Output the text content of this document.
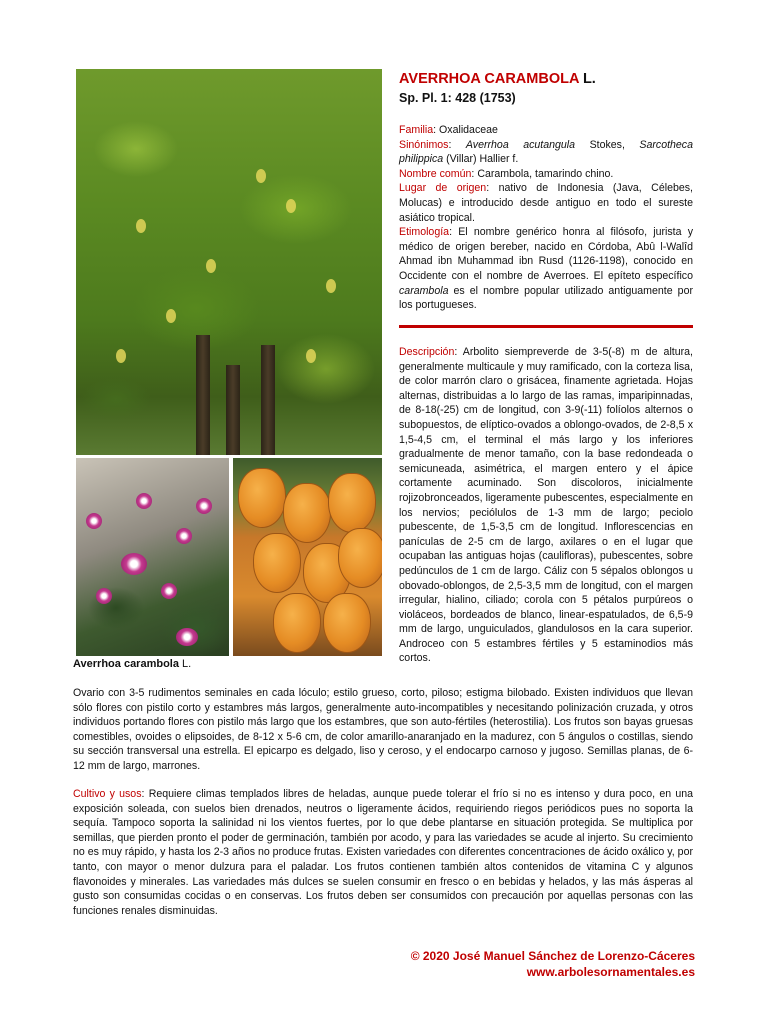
Averrhoa carambola L.
AVERRHOA CARAMBOLA L.
Sp. Pl. 1: 428 (1753)

Familia: Oxalidaceae

Sinónimos: Averrhoa acutangula Stokes, Sarcotheca philippica (Villar) Hallier f.

Nombre común: Carambola, tamarindo chino.

Lugar de origen: nativo de Indonesia (Java, Célebes, Molucas) e introducido desde antiguo en todo el sureste asiático tropical.

Etimología: El nombre genérico honra al filósofo, jurista y médico de origen bereber, nacido en Córdoba, Abû l-Walîd Ahmad ibn Muhammad ibn Rusd (1126-1198), conocido en Occidente con el nombre de Averroes. El epíteto específico carambola es el nombre popular utilizado antiguamente por los portugueses.

Descripción: Arbolito siempreverde de 3-5(-8) m de altura, generalmente multicaule y muy ramificado, con la corteza lisa, de color marrón claro o grisácea, finamente agrietada. Hojas alternas, distribuidas a lo largo de las ramas, imparipinnadas, de 8-18(-25) cm de longitud, con 3-9(-11) folíolos alternos o subopuestos, de elíptico-ovados a oblongo-ovados, de 2-8,5 x 1,5-4,5 cm, el terminal el más largo y los inferiores gradualmente de menor tamaño, con la base redondeada o semicuneada, asimétrica, el margen entero y el ápice cortamente acuminado. Son discoloros, inicialmente rojizobronceados, ligeramente pubescentes, especialmente en los nervios; peciólulos de 1-3 mm de largo; peciolo pubescente, de 1,5-3,5 cm de longitud. Inflorescencias en panículas de 2-5 cm de largo, axilares o en el lugar que ocupaban las antiguas hojas (caulifloras), pubescentes, sobre pedúnculos de 1 cm de largo. Cáliz con 5 sépalos oblongos u obovado-oblongos, de 2,5-3,5 mm de longitud, con el margen irregular, hialino, ciliado; corola con 5 pétalos purpúreos o violáceos, bordeados de blanco, linear-espatulados, de 6,5-9 mm de largo, unguiculados, glandulosos en la cara superior. Androceo con 5 estambres fértiles y 5 estaminodios más cortos.
Ovario con 3-5 rudimentos seminales en cada lóculo; estilo grueso, corto, piloso; estigma bilobado. Existen individuos que llevan sólo flores con pistilo corto y estambres más largos, generalmente auto-incompatibles y necesitando polinización cruzada, y otros individuos portando flores con pistilo más largo que los estambres, que son auto-fértiles (heterostilia). Los frutos son bayas gruesas comestibles, ovoides o elipsoides, de 8-12 x 5-6 cm, de color amarillo-anaranjado en la madurez, con 5 ángulos o costillas, siendo su sección transversal una estrella. El epicarpo es delgado, liso y ceroso, y el endocarpo carnoso y jugoso. Semillas planas, de 6-12 mm de largo, marrones.
Cultivo y usos: Requiere climas templados libres de heladas, aunque puede tolerar el frío si no es intenso y dura poco, en una exposición soleada, con suelos bien drenados, neutros o ligeramente ácidos, requiriendo riegos periódicos pues no soporta la sequía. Tampoco soporta la salinidad ni los vientos fuertes, por lo que debe plantarse en situación protegida. Se multiplica por semillas, que pierden pronto el poder de germinación, también por acodo, y para las variedades se acude al injerto. Su crecimiento no es muy rápido, y hasta los 2-3 años no produce frutas. Existen variedades con diferentes concentraciones de ácido oxálico y, por tanto, con mayor o menor dulzura para el paladar. Los frutos contienen también altos contenidos de vitamina C y algunos flavonoides y minerales. Las variedades más dulces se suelen consumir en fresco o en bebidas y helados, y las más ásperas al gusto son consumidas cocidas o en conservas. Los frutos deben ser consumidos con precaución por aquellas personas con las funciones renales disminuidas.
© 2020 José Manuel Sánchez de Lorenzo-Cáceres
www.arbolesornamentales.es
